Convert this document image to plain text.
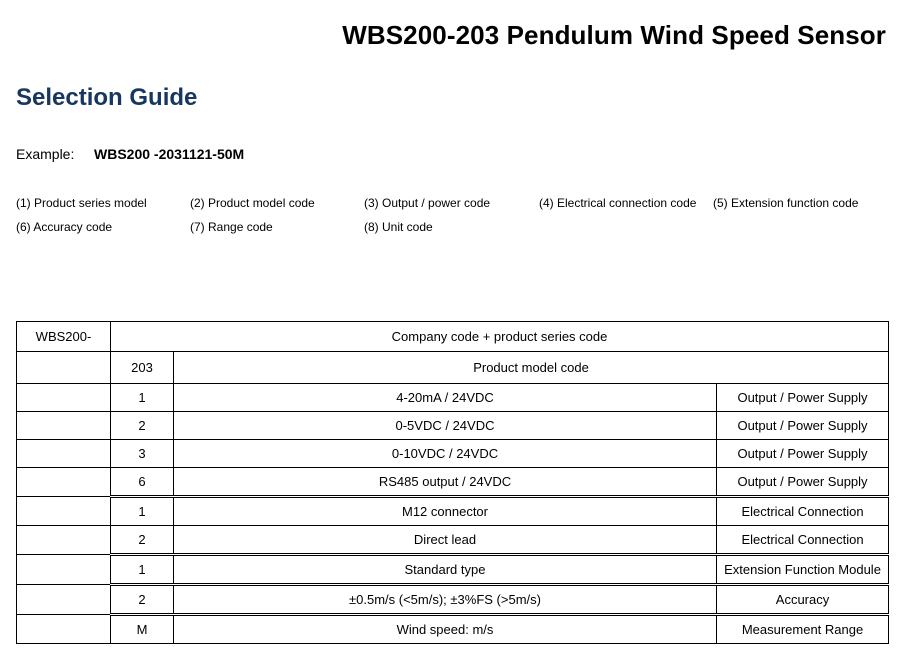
WBS200-203 Pendulum Wind Speed Sensor
Selection Guide
Example: WBS200 -2031121-50M
(1) Product series model	(2) Product model code	(3) Output / power code	(4) Electrical connection code (5) Extension function code
(6) Accuracy code	(7) Range code	(8) Unit code
WBS200-	Company code + product series code		
	203	Product model code	
	1	4-20mA / 24VDC	Output / Power Supply
	2	0-5VDC / 24VDC	Output / Power Supply
	3	0-10VDC / 24VDC	Output / Power Supply
	6	RS485 output / 24VDC	Output / Power Supply
	1	M12 connector	Electrical Connection
	2	Direct lead	Electrical Connection
	1	Standard type	Extension Function Module
	2	±0.5m/s (<5m/s); ±3%FS (>5m/s)	Accuracy
	M	Wind speed: m/s	Measurement Range
